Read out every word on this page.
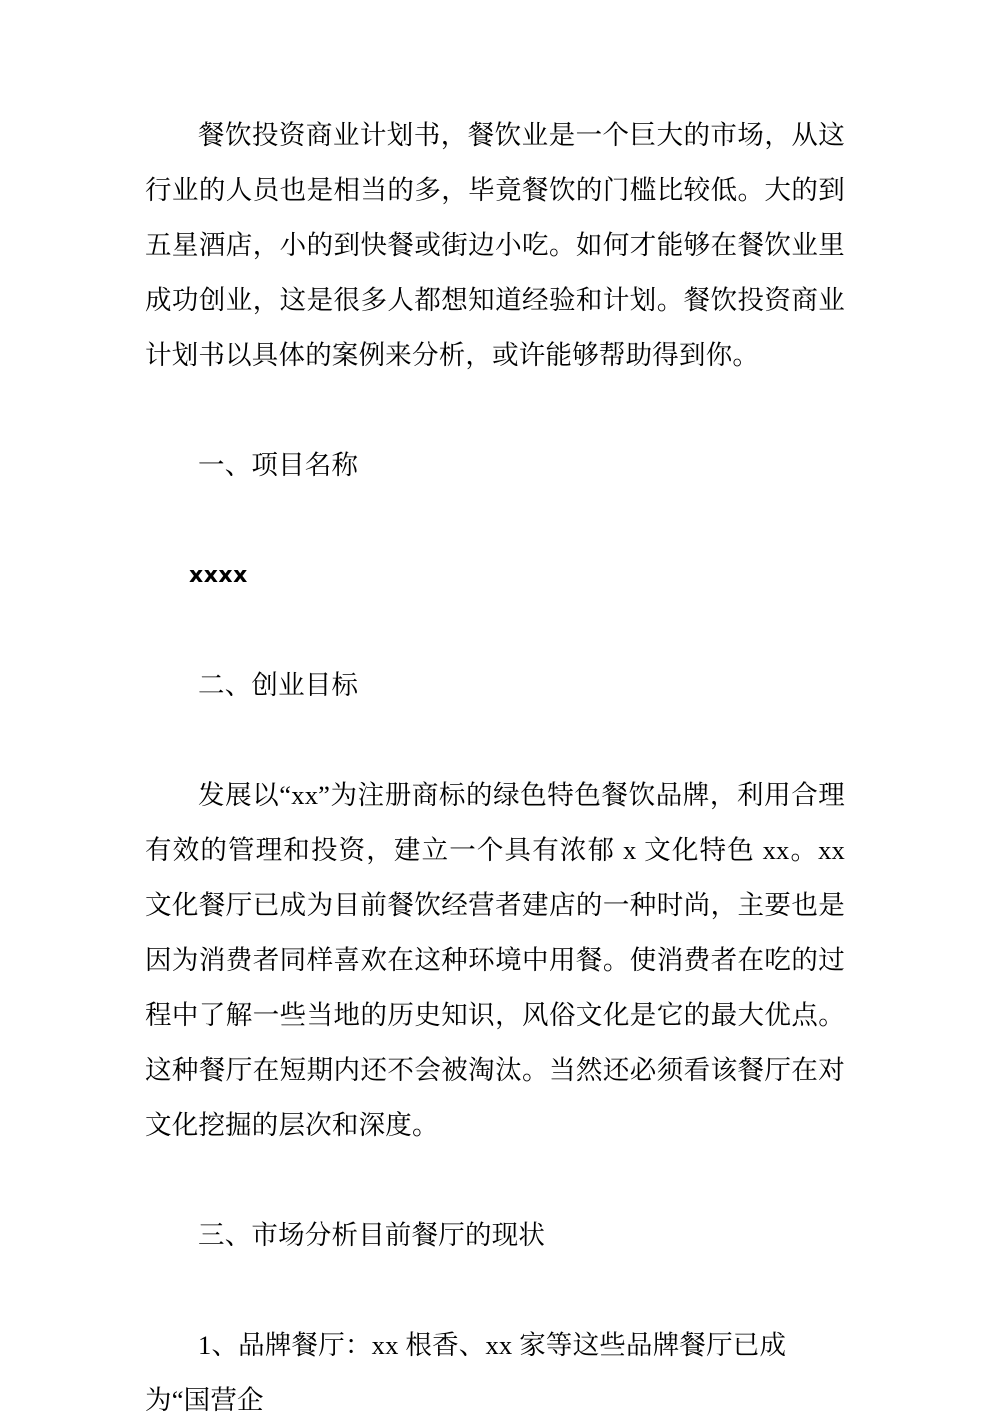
餐饮投资商业计划书，餐饮业是一个巨大的市场，从这行业的人员也是相当的多，毕竟餐饮的门槛比较低。大的到五星酒店，小的到快餐或街边小吃。如何才能够在餐饮业里成功创业，这是很多人都想知道经验和计划。餐饮投资商业计划书以具体的案例来分析，或许能够帮助得到你。

一、项目名称

xxxx

二、创业目标

发展以“xx”为注册商标的绿色特色餐饮品牌，利用合理有效的管理和投资，建立一个具有浓郁 x 文化特色 xx。xx 文化餐厅已成为目前餐饮经营者建店的一种时尚，主要也是因为消费者同样喜欢在这种环境中用餐。使消费者在吃的过程中了解一些当地的历史知识，风俗文化是它的最大优点。这种餐厅在短期内还不会被淘汰。当然还必须看该餐厅在对文化挖掘的层次和深度。

三、市场分析目前餐厅的现状

1、品牌餐厅：xx 根香、xx 家等这些品牌餐厅已成为“国营企
